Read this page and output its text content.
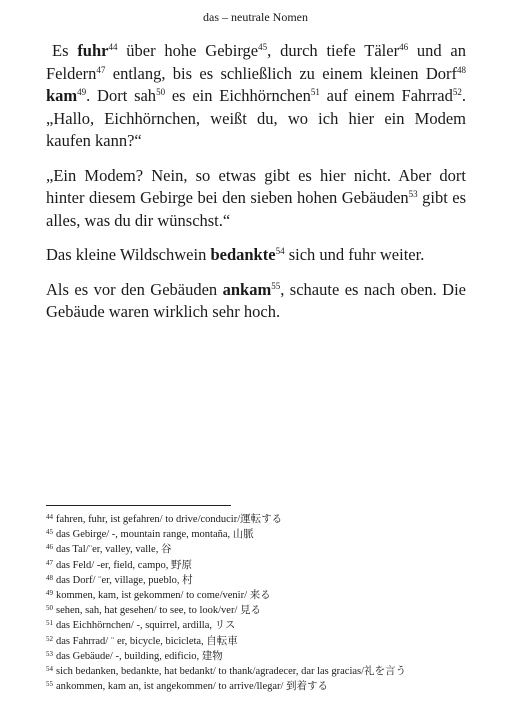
das – neutrale Nomen

Es fuhr$^{44}$ über hohe Gebirge$^{45}$, durch tiefe Täler$^{46}$ und an Feldern$^{47}$ entlang, bis es schließlich zu einem kleinen Dorf$^{48}$ kam$^{49}$. Dort sah$^{50}$ es ein Eichhörnchen$^{51}$ auf einem Fahrrad$^{52}$. „Hallo, Eichhörnchen, weißt du, wo ich hier ein Modem kaufen kann?“

„Ein Modem? Nein, so etwas gibt es hier nicht. Aber dort hinter diesem Gebirge bei den sieben hohen Gebäuden$^{53}$ gibt es alles, was du dir wünschst.“

Das kleine Wildschwein bedankte$^{54}$ sich und fuhr weiter.

Als es vor den Gebäuden ankam$^{55}$, schaute es nach oben. Die Gebäude waren wirklich sehr hoch.

$^{44}$ fahren, fuhr, ist gefahren/ to drive/conducir/運転する

$^{45}$ das Gebirge/ -, mountain range, montaña, 山脈

$^{46}$ das Tal/¨er, valley, valle, 谷

$^{47}$ das Feld/ -er, field, campo, 野原

$^{48}$ das Dorf/ ¨er, village, pueblo, 村

$^{49}$ kommen, kam, ist gekommen/ to come/venir/ 来る

$^{50}$ sehen, sah, hat gesehen/ to see, to look/ver/ 見る

$^{51}$ das Eichhörnchen/ -, squirrel, ardilla, リス

$^{52}$ das Fahrrad/ ¨ er, bicycle, bicicleta, 自転車

$^{53}$ das Gebäude/ -, building, edificio, 建物

$^{54}$ sich bedanken, bedankte, hat bedankt/ to thank/agradecer, dar las gracias/礼を言う

$^{55}$ ankommen, kam an, ist angekommen/ to arrive/llegar/ 到着する
